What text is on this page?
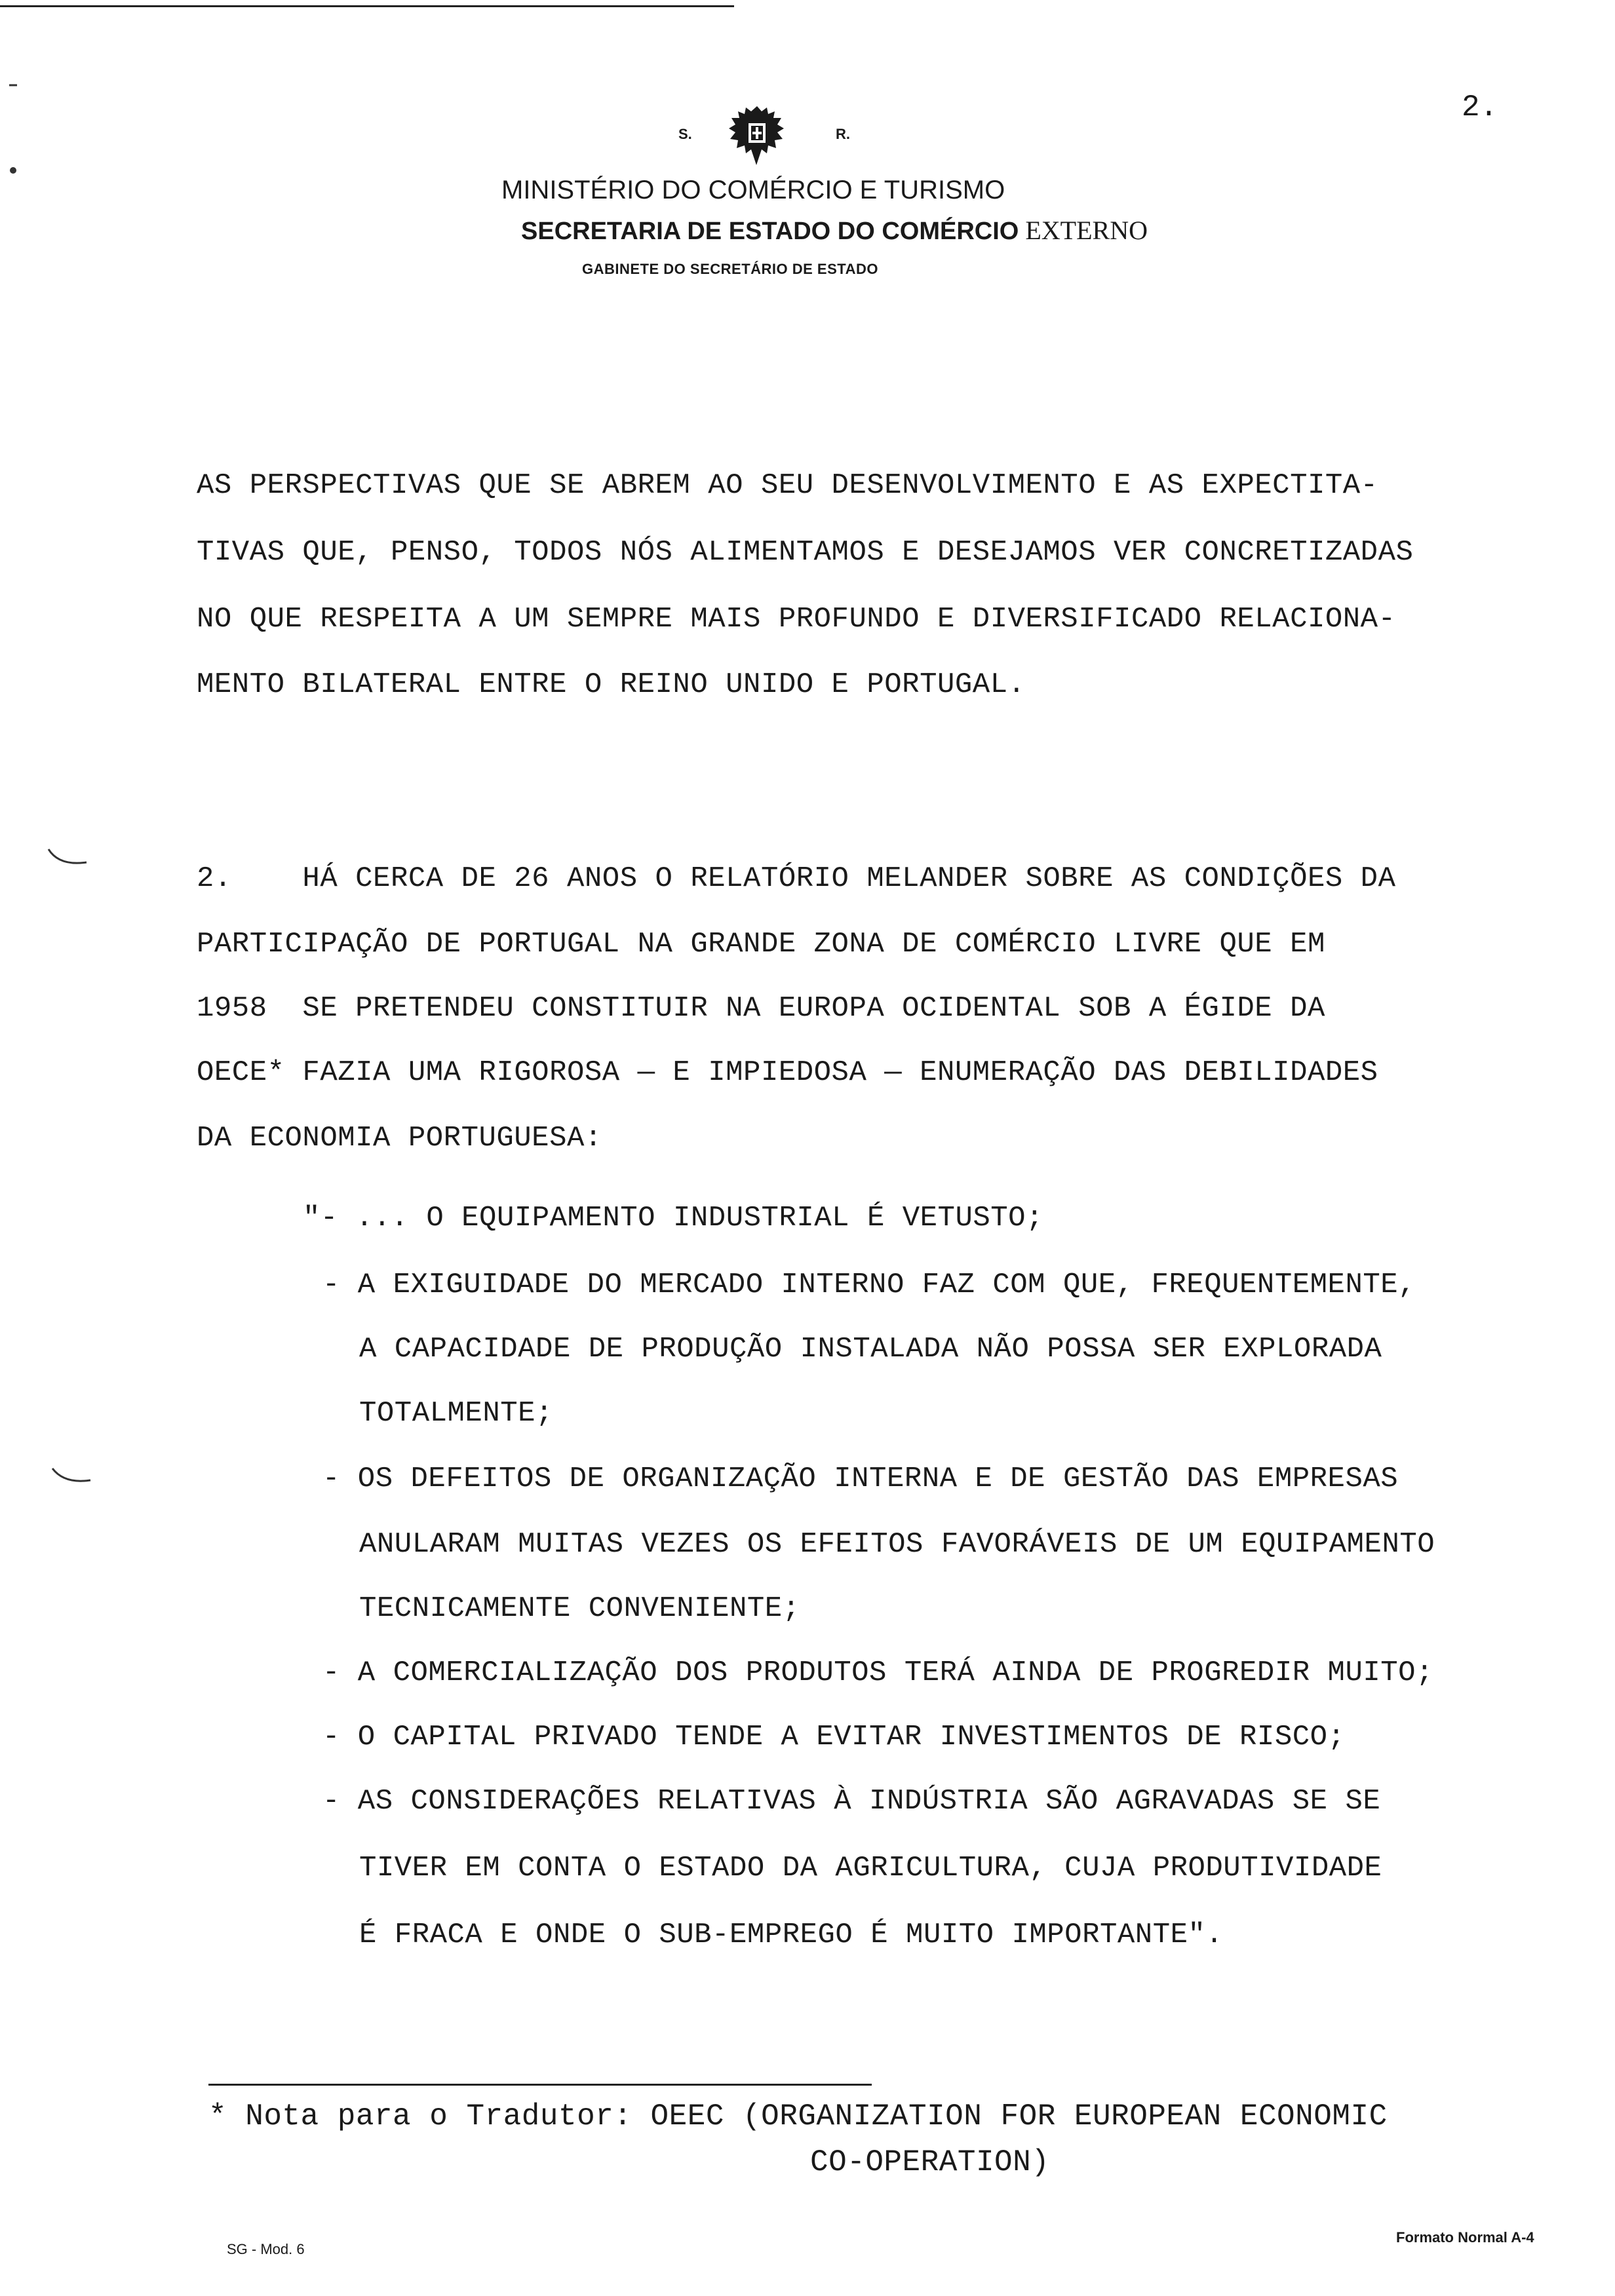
2.
S.	R.
MINISTÉRIO DO COMÉRCIO E TURISMO
SECRETARIA DE ESTADO DO COMÉRCIO EXTERNO
GABINETE DO SECRETÁRIO DE ESTADO
AS PERSPECTIVAS QUE SE ABREM AO SEU DESENVOLVIMENTO E AS EXPECTITA-
TIVAS QUE, PENSO, TODOS NÓS ALIMENTAMOS E DESEJAMOS VER CONCRETIZADAS
NO QUE RESPEITA A UM SEMPRE MAIS PROFUNDO E DIVERSIFICADO RELACIONA-
MENTO BILATERAL ENTRE O REINO UNIDO E PORTUGAL.
2.    HÁ CERCA DE 26 ANOS O RELATÓRIO MELANDER SOBRE AS CONDIÇÕES DA
PARTICIPAÇÃO DE PORTUGAL NA GRANDE ZONA DE COMÉRCIO LIVRE QUE EM
1958  SE PRETENDEU CONSTITUIR NA EUROPA OCIDENTAL SOB A ÉGIDE DA
OECE* FAZIA UMA RIGOROSA — E IMPIEDOSA — ENUMERAÇÃO DAS DEBILIDADES
DA ECONOMIA PORTUGUESA:
"- ... O EQUIPAMENTO INDUSTRIAL É VETUSTO;
- A EXIGUIDADE DO MERCADO INTERNO FAZ COM QUE, FREQUENTEMENTE,
A CAPACIDADE DE PRODUÇÃO INSTALADA NÃO POSSA SER EXPLORADA
TOTALMENTE;
- OS DEFEITOS DE ORGANIZAÇÃO INTERNA E DE GESTÃO DAS EMPRESAS
ANULARAM MUITAS VEZES OS EFEITOS FAVORÁVEIS DE UM EQUIPAMENTO
TECNICAMENTE CONVENIENTE;
- A COMERCIALIZAÇÃO DOS PRODUTOS TERÁ AINDA DE PROGREDIR MUITO;
- O CAPITAL PRIVADO TENDE A EVITAR INVESTIMENTOS DE RISCO;
- AS CONSIDERAÇÕES RELATIVAS À INDÚSTRIA SÃO AGRAVADAS SE SE
TIVER EM CONTA O ESTADO DA AGRICULTURA, CUJA PRODUTIVIDADE
É FRACA E ONDE O SUB-EMPREGO É MUITO IMPORTANTE".
* Nota para o Tradutor: OEEC (ORGANIZATION FOR EUROPEAN ECONOMIC
CO-OPERATION)
SG - Mod. 6
Formato Normal A-4
